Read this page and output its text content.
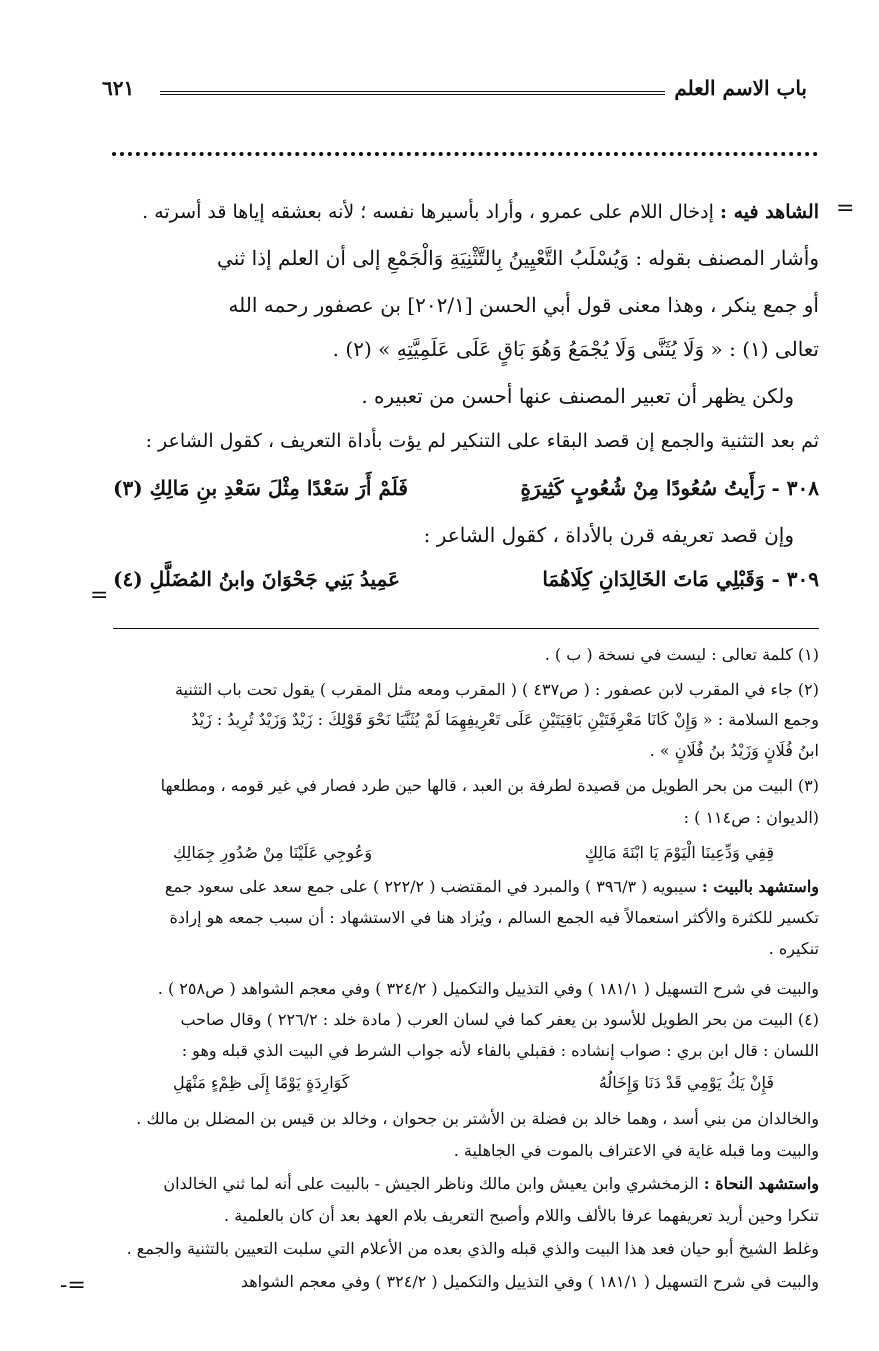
باب الاسم العلم
٦٢١
=
الشاهد فيه : إدخال اللام على عمرو ، وأراد بأسيرها نفسه ؛ لأنه بعشقه إياها قد أسرته .
وأشار المصنف بقوله : وَيُسْلَبُ التَّعْيِينُ بِالتَّثْنِيَةِ وَالْجَمْعِ إلى أن العلم إذا ثني
أو جمع ينكر ، وهذا معنى قول أبي الحسن [٢٠٢/١] بن عصفور رحمه الله
تعالى (١) : « وَلَا يُثَنَّى وَلَا يُجْمَعُ وَهُوَ بَاقٍ عَلَى عَلَمِيَّتِهِ » (٢) .
ولكن يظهر أن تعبير المصنف عنها أحسن من تعبيره .
ثم بعد التثنية والجمع إن قصد البقاء على التنكير لم يؤت بأداة التعريف ، كقول الشاعر :
٣٠٨ - رَأَيتُ سُعُودًا مِنْ شُعُوبٍ كَثِيرَةٍ
فَلَمْ أَرَ سَعْدًا مِثْلَ سَعْدِ بنِ مَالِكِ (٣)
وإن قصد تعريفه قرن بالأداة ، كقول الشاعر :
٣٠٩ - وَقَبْلِي مَاتَ الخَالِدَانِ كِلَاهُمَا
عَمِيدُ بَنِي جَحْوَانَ وابنُ المُضَلَّلِ (٤)
=
(١) كلمة تعالى : ليست في نسخة ( ب ) .
(٢) جاء في المقرب لابن عصفور : ( ص٤٣٧ ) ( المقرب ومعه مثل المقرب ) يقول تحت باب التثنية
وجمع السلامة : « وَإِنْ كَانَا مَعْرِفَتَيْنِ بَاقِيَتَيْنِ عَلَى تَعْرِيفِهِمَا لَمْ يُثَنَّيَا نَحْوَ قَوْلِكَ : زَيْدٌ وَزَيْدٌ تُرِيدُ : زَيْدُ
ابنُ فُلَانٍ وَزَيْدُ بنُ فُلَانٍ » .
(٣) البيت من بحر الطويل من قصيدة لطرفة بن العبد ، قالها حين طرد فصار في غير قومه ، ومطلعها
(الديوان : ص١١٤ ) :
قِفِي وَدِّعِينَا الْيَوْمَ يَا ابْنَةَ مَالِكٍ
وَعُوجِي عَلَيْنَا مِنْ صُدُورِ جِمَالِكِ
واستشهد بالبيت : سيبويه ( ٣٩٦/٣ ) والمبرد في المقتضب ( ٢٢٢/٢ ) على جمع سعد على سعود جمع
تكسير للكثرة والأكثر استعمالاً فيه الجمع السالم ، ويُزاد هنا في الاستشهاد : أن سبب جمعه هو إرادة
تنكيره .
والبيت في شرح التسهيل ( ١٨١/١ ) وفي التذييل والتكميل ( ٣٢٤/٢ ) وفي معجم الشواهد ( ص٢٥٨ ) .
(٤) البيت من بحر الطويل للأسود بن يعفر كما في لسان العرب ( مادة خلد : ٢٢٦/٢ ) وقال صاحب
اللسان : قال ابن بري : صواب إنشاده : فقبلي بالفاء لأنه جواب الشرط في البيت الذي قبله وهو :
فَإِنْ يَكُ يَوْمِي قَدْ دَنَا وَإِخَالُهُ
كَوَارِدَةٍ يَوْمًا إِلَى ظِمْءٍ مَنْهَلِ
والخالدان من بني أسد ، وهما خالد بن فضلة بن الأشتر بن جحوان ، وخالد بن قيس بن المضلل بن مالك .
والبيت وما قبله غاية في الاعتراف بالموت في الجاهلية .
واستشهد النحاة : الزمخشري وابن يعيش وابن مالك وناظر الجيش - بالبيت على أنه لما ثني الخالدان
تنكرا وحين أريد تعريفهما عرفا بالألف واللام وأصبح التعريف بلام العهد بعد أن كان بالعلمية .
وغلط الشيخ أبو حيان فعد هذا البيت والذي قبله والذي بعده من الأعلام التي سلبت التعيين بالتثنية والجمع .
والبيت في شرح التسهيل ( ١٨١/١ ) وفي التذييل والتكميل ( ٣٢٤/٢ ) وفي معجم الشواهد
=-
